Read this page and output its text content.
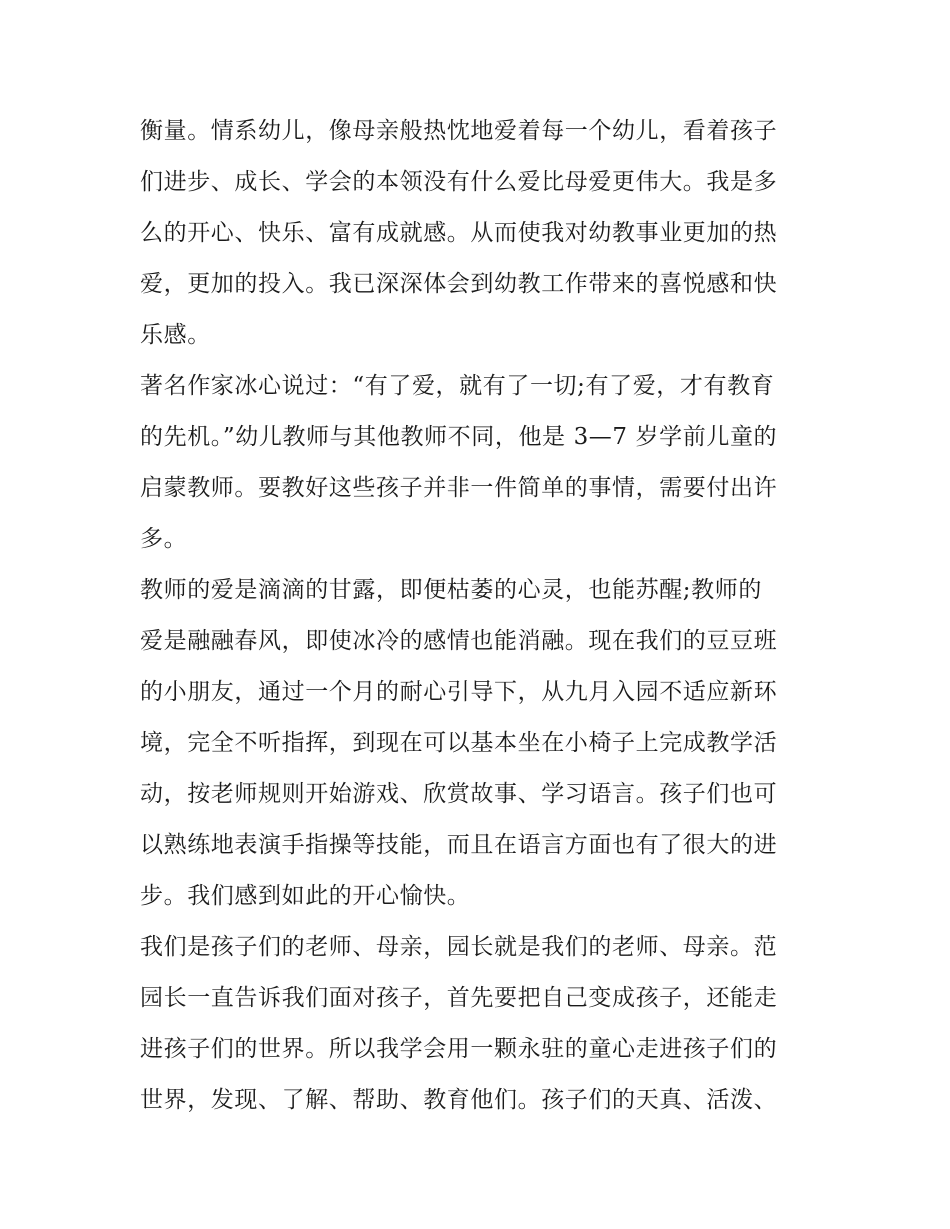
衡量。情系幼儿，像母亲般热忱地爱着每一个幼儿，看着孩子
们进步、成长、学会的本领没有什么爱比母爱更伟大。我是多
么的开心、快乐、富有成就感。从而使我对幼教事业更加的热
爱，更加的投入。我已深深体会到幼教工作带来的喜悦感和快
乐感。
著名作家冰心说过：“有了爱，就有了一切;有了爱，才有教育
的先机。”幼儿教师与其他教师不同，他是 3—7 岁学前儿童的
启蒙教师。要教好这些孩子并非一件简单的事情，需要付出许
多。
教师的爱是滴滴的甘露，即便枯萎的心灵，也能苏醒;教师的
爱是融融春风，即使冰冷的感情也能消融。现在我们的豆豆班
的小朋友，通过一个月的耐心引导下，从九月入园不适应新环
境，完全不听指挥，到现在可以基本坐在小椅子上完成教学活
动，按老师规则开始游戏、欣赏故事、学习语言。孩子们也可
以熟练地表演手指操等技能，而且在语言方面也有了很大的进
步。我们感到如此的开心愉快。
我们是孩子们的老师、母亲，园长就是我们的老师、母亲。范
园长一直告诉我们面对孩子，首先要把自己变成孩子，还能走
进孩子们的世界。所以我学会用一颗永驻的童心走进孩子们的
世界，发现、了解、帮助、教育他们。孩子们的天真、活泼、
